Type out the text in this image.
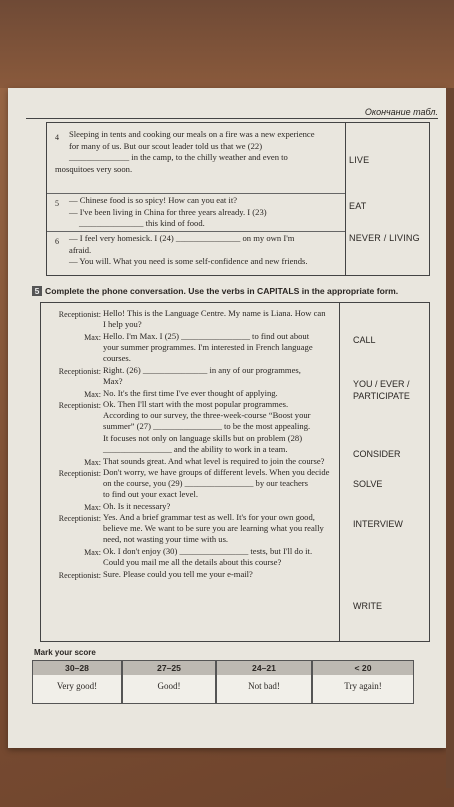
Окончание табл.
4 Sleeping in tents and cooking our meals on a fire was a new experience
for many of us. But our scout leader told us that we (22)
______________ in the camp, to the chilly weather and even to
mosquitoes very soon.
LIVE
5 — Chinese food is so spicy! How can you eat it?
— I've been living in China for three years already. I (23)
_______________ this kind of food.
EAT
6 — I feel very homesick. I (24) _______________ on my own I'm
afraid.
— You will. What you need is some self-confidence and new friends.
NEVER / LIVING
5 Complete the phone conversation. Use the verbs in CAPITALS in the appropriate form.
Receptionist: Hello! This is the Language Centre. My name is Liana. How can
I help you?
Max: Hello. I'm Max. I (25) ________________ to find out about
your summer programmes. I'm interested in French language
courses.
Receptionist: Right. (26) _______________ in any of our programmes,
Max?
Max: No. It's the first time I've ever thought of applying.
Receptionist: Ok. Then I'll start with the most popular programmes.
According to our survey, the three-week-course “Boost your
summer” (27) ________________ to be the most appealing.
It focuses not only on language skills but on problem (28)
________________ and the ability to work in a team.
Max: That sounds great. And what level is required to join the course?
Receptionist: Don't worry, we have groups of different levels. When you decide
on the course, you (29) ________________ by our teachers
to find out your exact level.
Max: Oh. Is it necessary?
Receptionist: Yes. And a brief grammar test as well. It's for your own good,
believe me. We want to be sure you are learning what you really
need, not wasting your time with us.
Max: Ok. I don't enjoy (30) ________________ tests, but I'll do it.
Could you mail me all the details about this course?
Receptionist: Sure. Please could you tell me your e-mail?
CALL
YOU / EVER /
PARTICIPATE
CONSIDER
SOLVE
INTERVIEW
WRITE
Mark your score
30–28
Very good!
27–25
Good!
24–21
Not bad!
< 20
Try again!
